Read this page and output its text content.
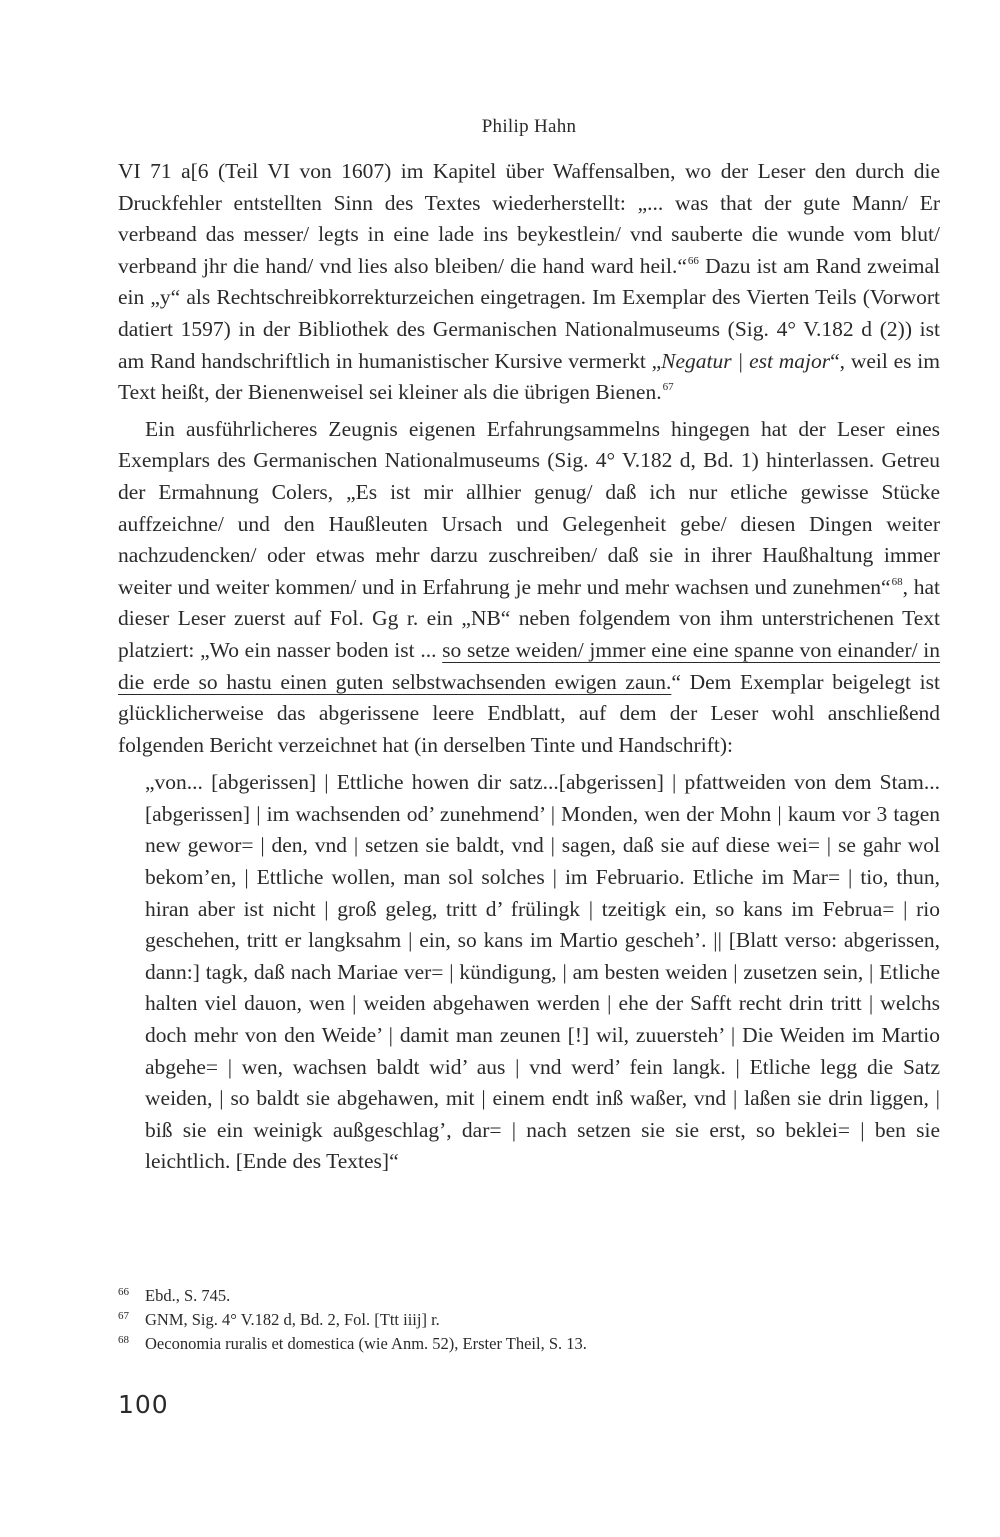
Philip Hahn

VI 71 a[6 (Teil VI von 1607) im Kapitel über Waffensalben, wo der Leser den durch die Druckfehler entstellten Sinn des Textes wiederherstellt: „... was that der gute Mann/ Er verbɐand das messer/ legts in eine lade ins beykestlein/ vnd sauberte die wunde vom blut/ verbɐand jhr die hand/ vnd lies also bleiben/ die hand ward heil.“$^{66}$ Dazu ist am Rand zweimal ein „y“ als Rechtschreibkorrekturzeichen eingetragen. Im Exemplar des Vierten Teils (Vorwort datiert 1597) in der Bibliothek des Germanischen Nationalmuseums (Sig. 4° V.182 d (2)) ist am Rand handschriftlich in humanistischer Kursive vermerkt „Negatur | est major“, weil es im Text heißt, der Bienenweisel sei kleiner als die übrigen Bienen.$^{67}$

Ein ausführlicheres Zeugnis eigenen Erfahrungsammelns hingegen hat der Leser eines Exemplars des Germanischen Nationalmuseums (Sig. 4° V.182 d, Bd. 1) hinterlassen. Getreu der Ermahnung Colers, „Es ist mir allhier genug/ daß ich nur etliche gewisse Stücke auffzeichne/ und den Haußleuten Ursach und Gelegenheit gebe/ diesen Dingen weiter nachzudencken/ oder etwas mehr darzu zuschreiben/ daß sie in ihrer Haußhaltung immer weiter und weiter kommen/ und in Erfahrung je mehr und mehr wachsen und zunehmen“$^{68}$, hat dieser Leser zuerst auf Fol. Gg r. ein „NB“ neben folgendem von ihm unterstrichenen Text platziert: „Wo ein nasser boden ist ... so setze weiden/ jmmer eine eine spanne von einander/ in die erde so hastu einen guten selbstwachsenden ewigen zaun.“ Dem Exemplar beigelegt ist glücklicherweise das abgerissene leere Endblatt, auf dem der Leser wohl anschließend folgenden Bericht verzeichnet hat (in derselben Tinte und Handschrift):

„von... [abgerissen] | Ettliche howen dir satz...[abgerissen] | pfattweiden von dem Stam... [abgerissen] | im wachsenden od’ zunehmend’ | Monden, wen der Mohn | kaum vor 3 tagen new gewor= | den, vnd | setzen sie baldt, vnd | sagen, daß sie auf diese wei= | se gahr wol bekom’en, | Ettliche wollen, man sol solches | im Februario. Etliche im Mar= | tio, thun, hiran aber ist nicht | groß geleg, tritt d’ frülingk | tzeitigk ein, so kans im Februa= | rio geschehen, tritt er langksahm | ein, so kans im Martio gescheh’. || [Blatt verso: abgerissen, dann:] tagk, daß nach Mariae ver= | kündigung, | am besten weiden | zusetzen sein, | Etliche halten viel dauon, wen | weiden abgehawen werden | ehe der Safft recht drin tritt | welchs doch mehr von den Weide’ | damit man zeunen [!] wil, zuuersteh’ | Die Weiden im Martio abgehe= | wen, wachsen baldt wid’ aus | vnd werd’ fein langk. | Etliche legg die Satz weiden, | so baldt sie abgehawen, mit | einem endt inß waßer, vnd | laßen sie drin liggen, | biß sie ein weinigk außgeschlag’, dar= | nach setzen sie sie erst, so beklei= | ben sie leichtlich. [Ende des Textes]“
66 Ebd., S. 745.
67 GNM, Sig. 4° V.182 d, Bd. 2, Fol. [Ttt iiij] r.
68 Oeconomia ruralis et domestica (wie Anm. 52), Erster Theil, S. 13.
100
